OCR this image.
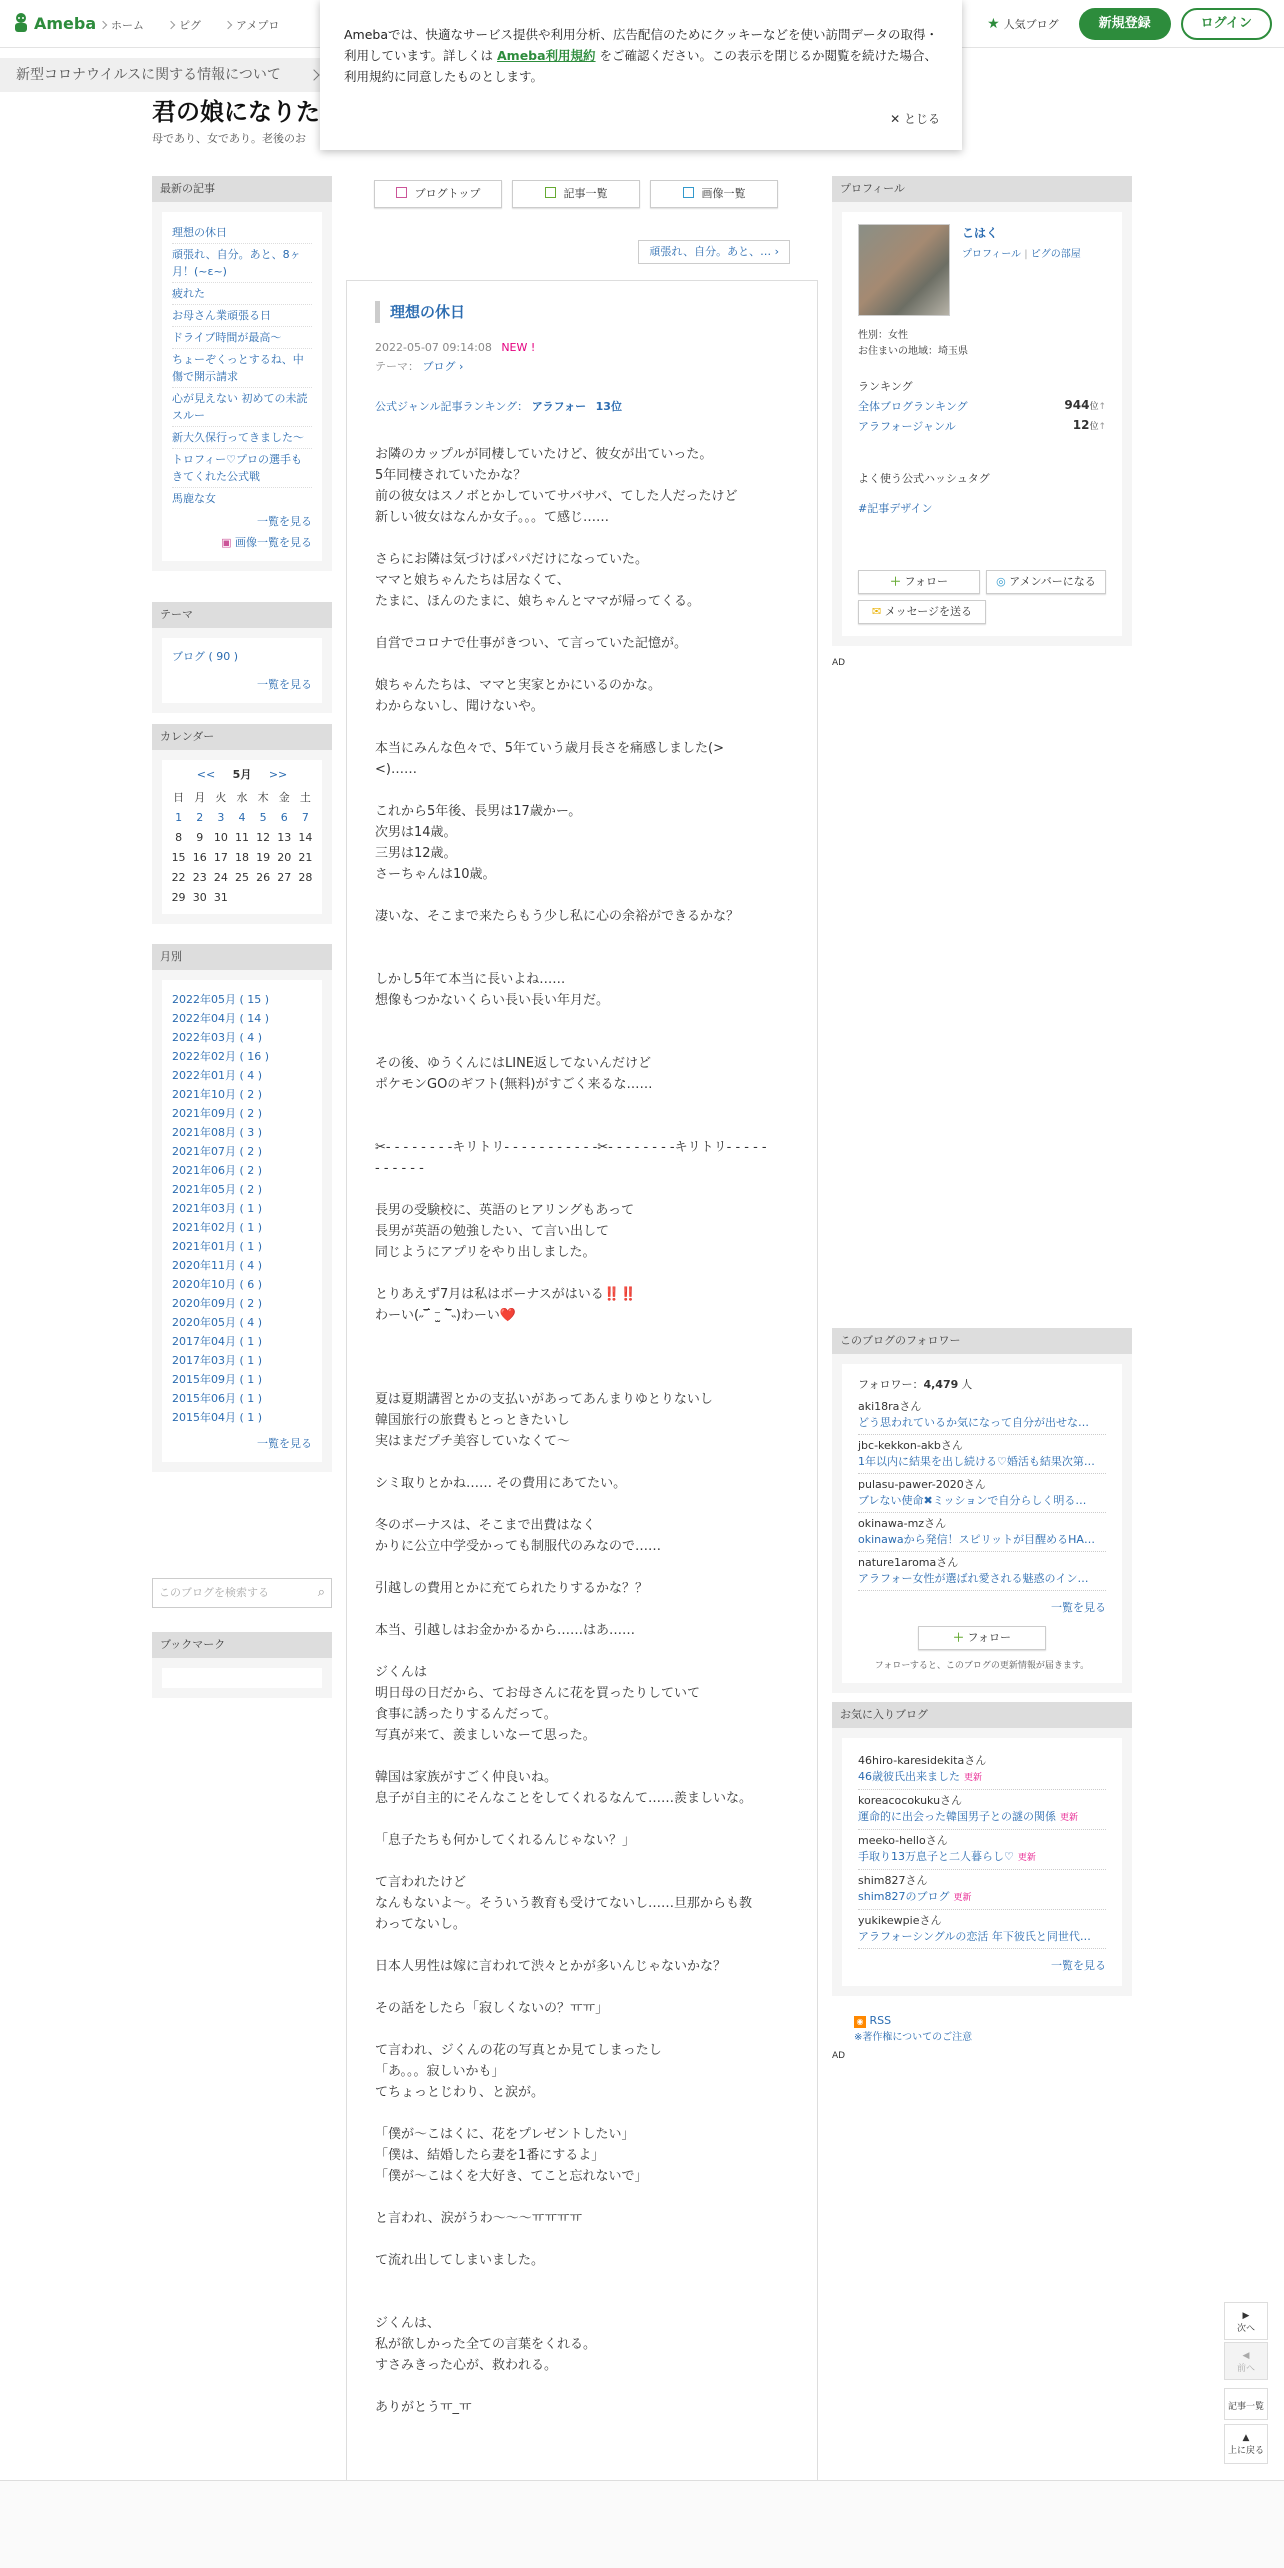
Ameba	ホーム	ピグ	アメプロ	★ 人気ブログ	新規登録	ログイン
新型コロナウイルスに関する情報について
Amebaでは、快適なサービス提供や利用分析、広告配信のためにクッキーなどを使い訪問データの取得・利用しています。詳しくは Ameba利用規約 をご確認ください。この表示を閉じるか閲覧を続けた場合、利用規約に同意したものとします。
✕ とじる
君の娘になりた
母であり、女であり。老後のお
最新の記事
理想の休日
頑張れ、自分。あと、8ヶ月！(~ε~)
疲れた
お母さん業頑張る日
ドライブ時間が最高〜
ちょーぞくっとするね、中傷で開示請求
心が見えない 初めての未読スルー
新大久保行ってきました〜
トロフィー♡プロの選手もきてくれた公式戦
馬鹿な女
一覧を見る
▣ 画像一覧を見る
テーマ
ブログ ( 90 )
一覧を見る
カレンダー
<< 5月 >>
日	月	火	水	木	金	土
1	2	3	4	5	6	7
8	9	10	11	12	13	14
15	16	17	18	19	20	21
22	23	24	25	26	27	28
29	30	31				
月別
2022年05月 ( 15 )
2022年04月 ( 14 )
2022年03月 ( 4 )
2022年02月 ( 16 )
2022年01月 ( 4 )
2021年10月 ( 2 )
2021年09月 ( 2 )
2021年08月 ( 3 )
2021年07月 ( 2 )
2021年06月 ( 2 )
2021年05月 ( 2 )
2021年03月 ( 1 )
2021年02月 ( 1 )
2021年01月 ( 1 )
2020年11月 ( 4 )
2020年10月 ( 6 )
2020年09月 ( 2 )
2020年05月 ( 4 )
2017年04月 ( 1 )
2017年03月 ( 1 )
2015年09月 ( 1 )
2015年06月 ( 1 )
2015年04月 ( 1 )
一覧を見る
このブログを検索する	⌕
ブックマーク
ブログトップ	記事一覧	画像一覧
頑張れ、自分。あと、… ›
理想の休日
2022-05-07 09:14:08 NEW !
テーマ： ブログ ›
公式ジャンル記事ランキング： アラフォー 13位

お隣のカップルが同棲していたけど、彼女が出ていった。

5年同棲されていたかな？

前の彼女はスノボとかしていてサバサバ、てした人だったけど

新しい彼女はなんか女子。。。て感じ……

さらにお隣は気づけばパパだけになっていた。

ママと娘ちゃんたちは居なくて、

たまに、ほんのたまに、娘ちゃんとママが帰ってくる。

自営でコロナで仕事がきつい、て言っていた記憶が。

娘ちゃんたちは、ママと実家とかにいるのかな。

わからないし、聞けないや。

本当にみんな色々で、5年ていう歳月長さを痛感しました(>

<)……

これから5年後、長男は17歳かー。

次男は14歳。

三男は12歳。

さーちゃんは10歳。

凄いな、そこまで来たらもう少し私に心の余裕ができるかな？

しかし5年て本当に長いよね……

想像もつかないくらい長い長い年月だ。

その後、ゆうくんにはLINE返してないんだけど

ポケモンGOのギフト(無料)がすごく来るな……

✂- - - - - - - -キリトリ- - - - - - - - - - -✂- - - - - - - -キリトリ- - - - -

- - - - - -

長男の受験校に、英語のヒアリングもあって

長男が英語の勉強したい、て言い出して

同じようにアプリをやり出しました。

とりあえず7月は私はボーナスがはいる‼️‼️

わーい(˶‾᷄ ⁻̫ ‾᷅˵)わーい❤️

夏は夏期講習とかの支払いがあってあんまりゆとりないし

韓国旅行の旅費もとっときたいし

実はまだプチ美容していなくて〜

シミ取りとかね…… その費用にあてたい。

冬のボーナスは、そこまで出費はなく

かりに公立中学受かっても制服代のみなので……

引越しの費用とかに充てられたりするかな？？

本当、引越しはお金かかるから……はあ……

ジくんは

明日母の日だから、てお母さんに花を買ったりしていて

食事に誘ったりするんだって。

写真が来て、羨ましいなーて思った。

韓国は家族がすごく仲良いね。

息子が自主的にそんなことをしてくれるなんて……羨ましいな。

「息子たちも何かしてくれるんじゃない？」

て言われたけど

なんもないよ〜。そういう教育も受けてないし……旦那からも教

わってないし。

日本人男性は嫁に言われて渋々とかが多いんじゃないかな？

その話をしたら「寂しくないの？ㅠㅠ」

て言われ、ジくんの花の写真とか見てしまったし

「あ。。。寂しいかも」

てちょっとじわり、と涙が。

「僕が〜こはくに、花をプレゼントしたい」

「僕は、結婚したら妻を1番にするよ」

「僕が〜こはくを大好き、てこと忘れないで」

と言われ、涙がうわ〜〜〜ㅠㅠㅠㅠ

て流れ出してしまいました。

ジくんは、

私が欲しかった全ての言葉をくれる。

すさみきった心が、救われる。

ありがとうㅠ_ㅠ

プロフィール
こはく
プロフィール | ピグの部屋
性別：女性
お住まいの地域：埼玉県
ランキング
全体ブログランキング	944位↑
アラフォージャンル	12位↑
よく使う公式ハッシュタグ
#記事デザイン
＋ フォロー	◎ アメンバーになる
✉ メッセージを送る
AD
このブログのフォロワー
フォロワー：4,479 人
aki18raさん
どう思われているか気になって自分が出せな…
jbc-kekkon-akbさん
1年以内に結果を出し続ける♡婚活も結果次第…
pulasu-pawer-2020さん
ブレない使命✖ミッションで自分らしく明る…
okinawa-mzさん
okinawaから発信！スピリットが目醒めるHA…
nature1aromaさん
アラフォー女性が選ばれ愛される魅惑のイン…
一覧を見る
＋ フォロー
フォローすると、このブログの更新情報が届きます。
お気に入りブログ
46hiro-karesidekitaさん
46歳彼氏出来ました 更新
koreacocokukuさん
運命的に出会った韓国男子との謎の関係 更新
meeko-helloさん
手取り13万息子と二人暮らし♡ 更新
shim827さん
shim827のブログ 更新
yukikewpieさん
アラフォーシングルの恋活 年下彼氏と同世代…
一覧を見る
◉ RSS
※著作権についてのご注意
AD
▶
次へ
◀
前へ
記事一覧
▲
上に戻る
